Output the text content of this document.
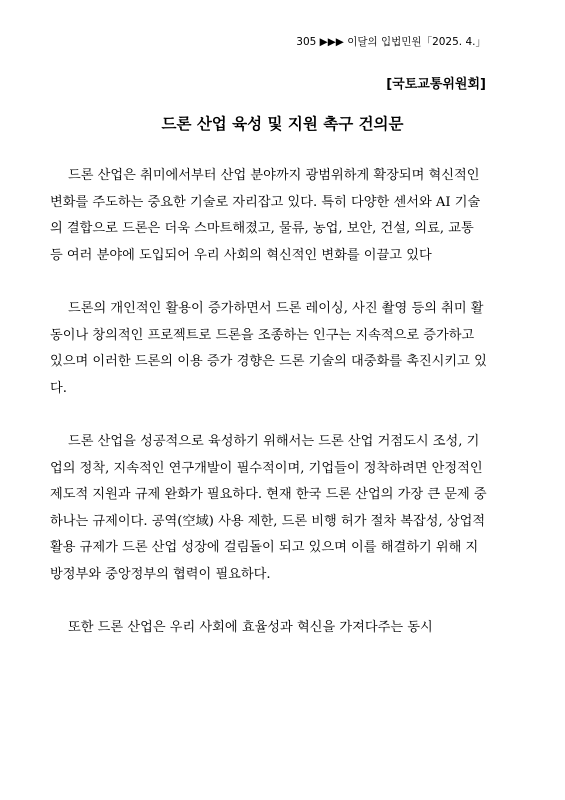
305 ▶▶▶ 이달의 입법민원「2025. 4.」
[국토교통위원회]
드론 산업 육성 및 지원 촉구 건의문

드론 산업은 취미에서부터 산업 분야까지 광범위하게 확장되며 혁신적인 변화를 주도하는 중요한 기술로 자리잡고 있다. 특히 다양한 센서와 AI 기술의 결합으로 드론은 더욱 스마트해졌고, 물류, 농업, 보안, 건설, 의료, 교통 등 여러 분야에 도입되어 우리 사회의 혁신적인 변화를 이끌고 있다

드론의 개인적인 활용이 증가하면서 드론 레이싱, 사진 촬영 등의 취미 활동이나 창의적인 프로젝트로 드론을 조종하는 인구는 지속적으로 증가하고 있으며 이러한 드론의 이용 증가 경향은 드론 기술의 대중화를 촉진시키고 있다.

드론 산업을 성공적으로 육성하기 위해서는 드론 산업 거점도시 조성, 기업의 정착, 지속적인 연구개발이 필수적이며, 기업들이 정착하려면 안정적인 제도적 지원과 규제 완화가 필요하다. 현재 한국 드론 산업의 가장 큰 문제 중 하나는 규제이다. 공역(空域) 사용 제한, 드론 비행 허가 절차 복잡성, 상업적 활용 규제가 드론 산업 성장에 걸림돌이 되고 있으며 이를 해결하기 위해 지방정부와 중앙정부의 협력이 필요하다.

또한 드론 산업은 우리 사회에 효율성과 혁신을 가져다주는 동시
